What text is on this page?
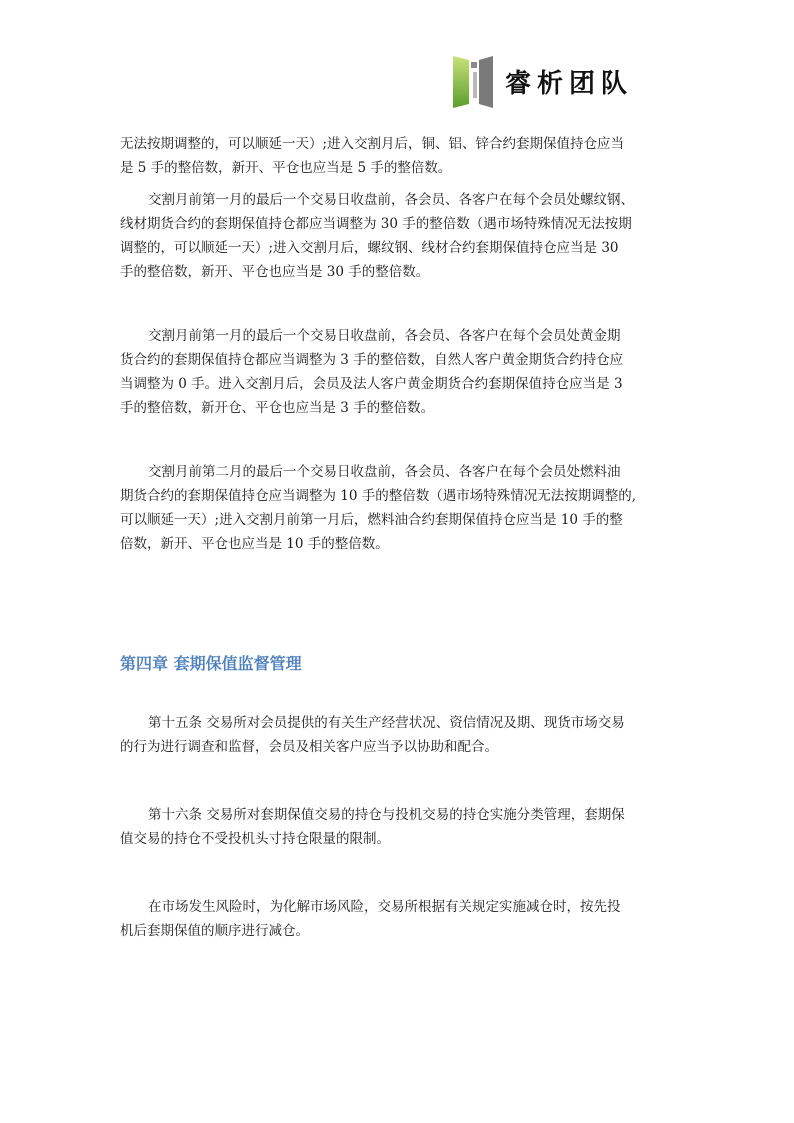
睿析团队
无法按期调整的，可以顺延一天）;进入交割月后，铜、铝、锌合约套期保值持仓应当
是 5 手的整倍数，新开、平仓也应当是 5 手的整倍数。
交割月前第一月的最后一个交易日收盘前，各会员、各客户在每个会员处螺纹钢、
线材期货合约的套期保值持仓都应当调整为 30 手的整倍数（遇市场特殊情况无法按期
调整的，可以顺延一天）;进入交割月后，螺纹钢、线材合约套期保值持仓应当是 30
手的整倍数，新开、平仓也应当是 30 手的整倍数。
交割月前第一月的最后一个交易日收盘前，各会员、各客户在每个会员处黄金期
货合约的套期保值持仓都应当调整为 3 手的整倍数，自然人客户黄金期货合约持仓应
当调整为 0 手。进入交割月后，会员及法人客户黄金期货合约套期保值持仓应当是 3
手的整倍数，新开仓、平仓也应当是 3 手的整倍数。
交割月前第二月的最后一个交易日收盘前，各会员、各客户在每个会员处燃料油
期货合约的套期保值持仓应当调整为 10 手的整倍数（遇市场特殊情况无法按期调整的,
可以顺延一天）;进入交割月前第一月后，燃料油合约套期保值持仓应当是 10 手的整
倍数，新开、平仓也应当是 10 手的整倍数。
第四章 套期保值监督管理
第十五条 交易所对会员提供的有关生产经营状况、资信情况及期、现货市场交易
的行为进行调查和监督，会员及相关客户应当予以协助和配合。
第十六条 交易所对套期保值交易的持仓与投机交易的持仓实施分类管理，套期保
值交易的持仓不受投机头寸持仓限量的限制。
在市场发生风险时，为化解市场风险，交易所根据有关规定实施减仓时，按先投
机后套期保值的顺序进行减仓。
